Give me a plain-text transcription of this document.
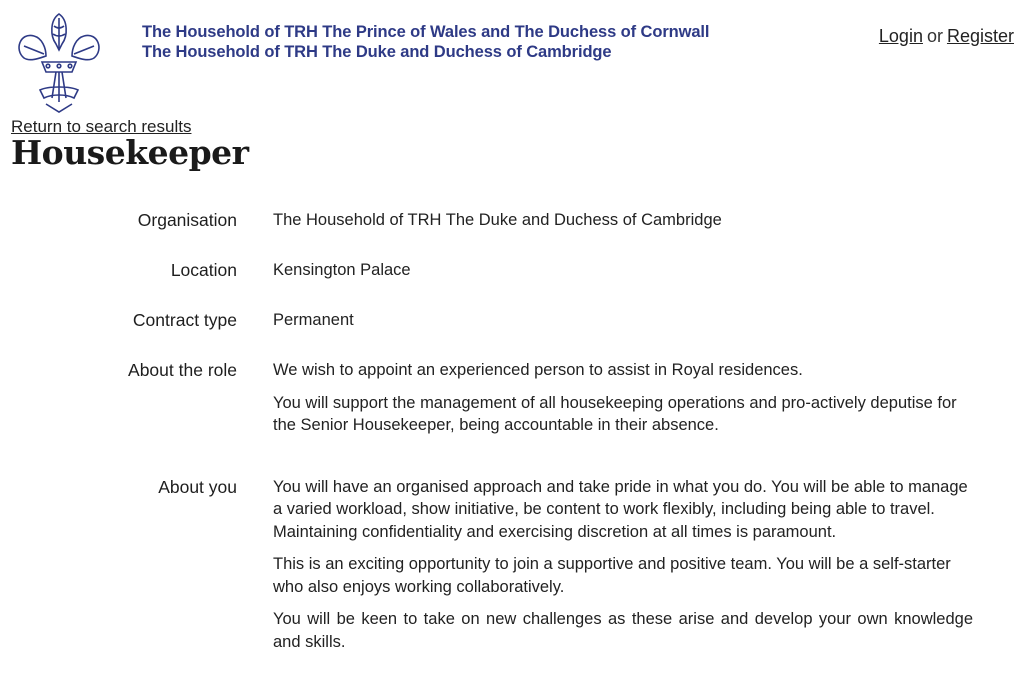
The Household of TRH The Prince of Wales and The Duchess of Cornwall
The Household of TRH The Duke and Duchess of Cambridge
Login or Register
Return to search results
Housekeeper
Organisation The Household of TRH The Duke and Duchess of Cambridge
Location Kensington Palace
Contract type Permanent
About the role We wish to appoint an experienced person to assist in Royal residences.

You will support the management of all housekeeping operations and pro-actively deputise for the Senior Housekeeper, being accountable in their absence.

About you You will have an organised approach and take pride in what you do. You will be able to manage a varied workload, show initiative, be content to work flexibly, including being able to travel. Maintaining confidentiality and exercising discretion at all times is paramount.

This is an exciting opportunity to join a supportive and positive team. You will be a self-starter who also enjoys working collaboratively.

You will be keen to take on new challenges as these arise and develop your own knowledge and skills.
